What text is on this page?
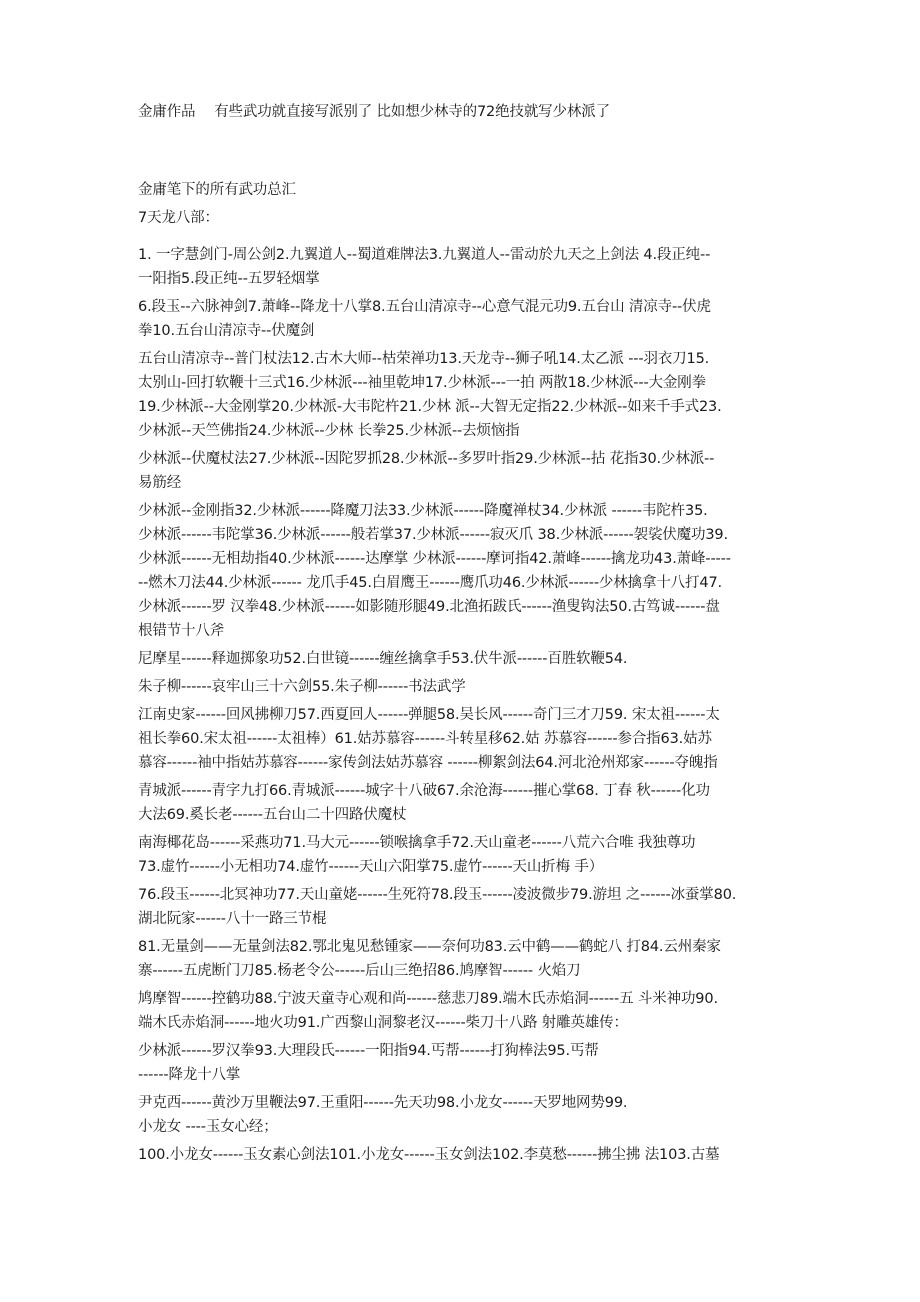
金庸作品　 有些武功就直接写派别了 比如想少林寺的72绝技就写少林派了
金庸笔下的所有武功总汇
7天龙八部：
1. 一字慧剑门-周公剑2.九翼道人--蜀道难牌法3.九翼道人--雷动於九天之上剑法 4.段正纯--
一阳指5.段正纯--五罗轻烟掌
6.段玉--六脉神剑7.萧峰--降龙十八掌8.五台山清凉寺--心意气混元功9.五台山 清凉寺--伏虎
拳10.五台山清凉寺--伏魔剑
五台山清凉寺--普门杖法12.古木大师--枯荣禅功13.天龙寺--狮子吼14.太乙派 ---羽衣刀15.
太别山-回打软鞭十三式16.少林派---袖里乾坤17.少林派---一拍 两散18.少林派---大金刚拳
19.少林派--大金刚掌20.少林派-大韦陀杵21.少林 派--大智无定指22.少林派--如来千手式23.
少林派--天竺佛指24.少林派--少林 长拳25.少林派--去烦恼指
少林派--伏魔杖法27.少林派--因陀罗抓28.少林派--多罗叶指29.少林派--拈 花指30.少林派--
易筋经
少林派--金刚指32.少林派------降魔刀法33.少林派------降魔禅杖34.少林派 ------韦陀杵35.
少林派------韦陀掌36.少林派------般若掌37.少林派------寂灭爪 38.少林派------袈裟伏魔功39.
少林派------无相劫指40.少林派------达摩掌 少林派------摩诃指42.萧峰------擒龙功43.萧峰-----
--燃木刀法44.少林派------ 龙爪手45.白眉鹰王------鹰爪功46.少林派------少林擒拿十八打47.
少林派------罗 汉拳48.少林派------如影随形腿49.北渔拓跋氏------渔叟钩法50.古笃诚------盘
根错节十八斧
尼摩星------释迦掷象功52.白世镜------缠丝擒拿手53.伏牛派------百胜软鞭54.
朱子柳------哀牢山三十六剑55.朱子柳------书法武学
江南史家------回风拂柳刀57.西夏回人------弹腿58.吴长风------奇门三才刀59. 宋太祖------太
祖长拳60.宋太祖------太祖棒）61.姑苏慕容------斗转星移62.姑 苏慕容------参合指63.姑苏
慕容------袖中指姑苏慕容------家传剑法姑苏慕容 ------柳絮剑法64.河北沧州郑家------夺魄指
青城派------青字九打66.青城派------城字十八破67.余沧海------摧心掌68. 丁春 秋------化功
大法69.奚长老------五台山二十四路伏魔杖
南海椰花岛------采燕功71.马大元------锁喉擒拿手72.天山童老------八荒六合唯 我独尊功
73.虚竹------小无相功74.虚竹------天山六阳掌75.虚竹------天山折梅 手）
76.段玉------北冥神功77.天山童姥------生死符78.段玉------凌波微步79.游坦 之------冰蚕掌80.
湖北阮家------八十一路三节棍
81.无量剑——无量剑法82.鄂北鬼见愁锺家——奈何功83.云中鹤——鹤蛇八 打84.云州秦家
寨------五虎断门刀85.杨老令公------后山三绝招86.鸠摩智------ 火焰刀
鸠摩智------控鹤功88.宁波天童寺心观和尚------慈悲刀89.端木氏赤焰洞------五 斗米神功90.
端木氏赤焰洞------地火功91.广西黎山洞黎老汉------柴刀十八路 射雕英雄传：
少林派------罗汉拳93.大理段氏------一阳指94.丐帮------打狗棒法95.丐帮
------降龙十八掌
尹克西------黄沙万里鞭法97.王重阳------先天功98.小龙女------天罗地网势99.
小龙女 ----玉女心经；
100.小龙女------玉女素心剑法101.小龙女------玉女剑法102.李莫愁------拂尘拂 法103.古墓
